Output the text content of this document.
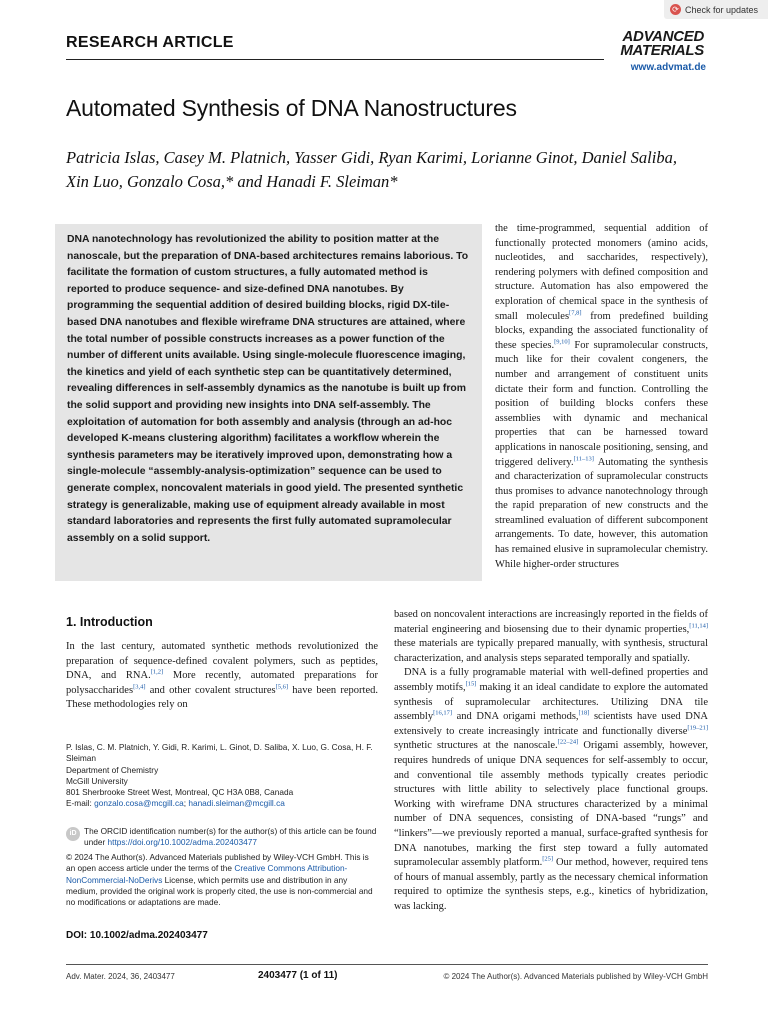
⟳ Check for updates
RESEARCH ARTICLE	ADVANCED
MATERIALS
www.advmat.de
Automated Synthesis of DNA Nanostructures
Patricia Islas, Casey M. Platnich, Yasser Gidi, Ryan Karimi, Lorianne Ginot, Daniel Saliba,
Xin Luo, Gonzalo Cosa,* and Hanadi F. Sleiman*

DNA nanotechnology has revolutionized the ability to position matter at the nanoscale, but the preparation of DNA-based architectures remains laborious. To facilitate the formation of custom structures, a fully automated method is reported to produce sequence- and size-defined DNA nanotubes. By programming the sequential addition of desired building blocks, rigid DX-tile-based DNA nanotubes and flexible wireframe DNA structures are attained, where the total number of possible constructs increases as a power function of the number of different units available. Using single-molecule fluorescence imaging, the kinetics and yield of each synthetic step can be quantitatively determined, revealing differences in self-assembly dynamics as the nanotube is built up from the solid support and providing new insights into DNA self-assembly. The exploitation of automation for both assembly and analysis (through an ad-hoc developed K-means clustering algorithm) facilitates a workflow wherein the synthesis parameters may be iteratively improved upon, demonstrating how a single-molecule “assembly-analysis-optimization” sequence can be used to generate complex, noncovalent materials in good yield. The presented synthetic strategy is generalizable, making use of equipment already available in most standard laboratories and represents the first fully automated supramolecular assembly on a solid support.

the time-programmed, sequential addition of functionally protected monomers (amino acids, nucleotides, and saccharides, respectively), rendering polymers with defined composition and structure. Automation has also empowered the exploration of chemical space in the synthesis of small molecules[7,8] from predefined building blocks, expanding the associated functionality of these species.[9,10] For supramolecular constructs, much like for their covalent congeners, the number and arrangement of constituent units dictate their form and function. Controlling the position of building blocks confers these assemblies with dynamic and mechanical properties that can be harnessed toward applications in nanoscale positioning, sensing, and triggered delivery.[11–13] Automating the synthesis and characterization of supramolecular constructs thus promises to advance nanotechnology through the rapid preparation of new constructs and the streamlined evaluation of different subcomponent arrangements. To date, however, this automation has remained elusive in supramolecular chemistry. While higher-order structures

based on noncovalent interactions are increasingly reported in the fields of material engineering and biosensing due to their dynamic properties,[11,14] these materials are typically prepared manually, with synthesis, structural characterization, and analysis steps separated temporally and spatially.

DNA is a fully programable material with well-defined properties and assembly motifs,[15] making it an ideal candidate to explore the automated synthesis of supramolecular architectures. Utilizing DNA tile assembly[16,17] and DNA origami methods,[18] scientists have used DNA extensively to create increasingly intricate and functionally diverse[19–21] synthetic structures at the nanoscale.[22–24] Origami assembly, however, requires hundreds of unique DNA sequences for self-assembly to occur, and conventional tile assembly methods typically creates periodic structures with little ability to selectively place functional groups. Working with wireframe DNA structures characterized by a minimal number of DNA sequences, consisting of DNA-based “rungs” and “linkers”—we previously reported a manual, surface-grafted synthesis for DNA nanotubes, marking the first step toward a fully automated supramolecular assembly platform.[25] Our method, however, required tens of hours of manual assembly, partly as the necessary chemical information required to optimize the synthesis steps, e.g., kinetics of hybridization, was lacking.

1. Introduction

In the last century, automated synthetic methods revolutionized the preparation of sequence-defined covalent polymers, such as peptides, DNA, and RNA.[1,2] More recently, automated preparations for polysaccharides[3,4] and other covalent structures[5,6] have been reported. These methodologies rely on

P. Islas, C. M. Platnich, Y. Gidi, R. Karimi, L. Ginot, D. Saliba, X. Luo, G. Cosa, H. F. Sleiman
Department of Chemistry
McGill University
801 Sherbrooke Street West, Montreal, QC H3A 0B8, Canada
E-mail: gonzalo.cosa@mcgill.ca; hanadi.sleiman@mcgill.ca
iD The ORCID identification number(s) for the author(s) of this article can be found under https://doi.org/10.1002/adma.202403477
© 2024 The Author(s). Advanced Materials published by Wiley-VCH GmbH. This is an open access article under the terms of the Creative Commons Attribution-NonCommercial-NoDerivs License, which permits use and distribution in any medium, provided the original work is properly cited, the use is non-commercial and no modifications or adaptations are made.
DOI: 10.1002/adma.202403477
Adv. Mater. 2024, 36, 2403477	2403477 (1 of 11)	© 2024 The Author(s). Advanced Materials published by Wiley-VCH GmbH
